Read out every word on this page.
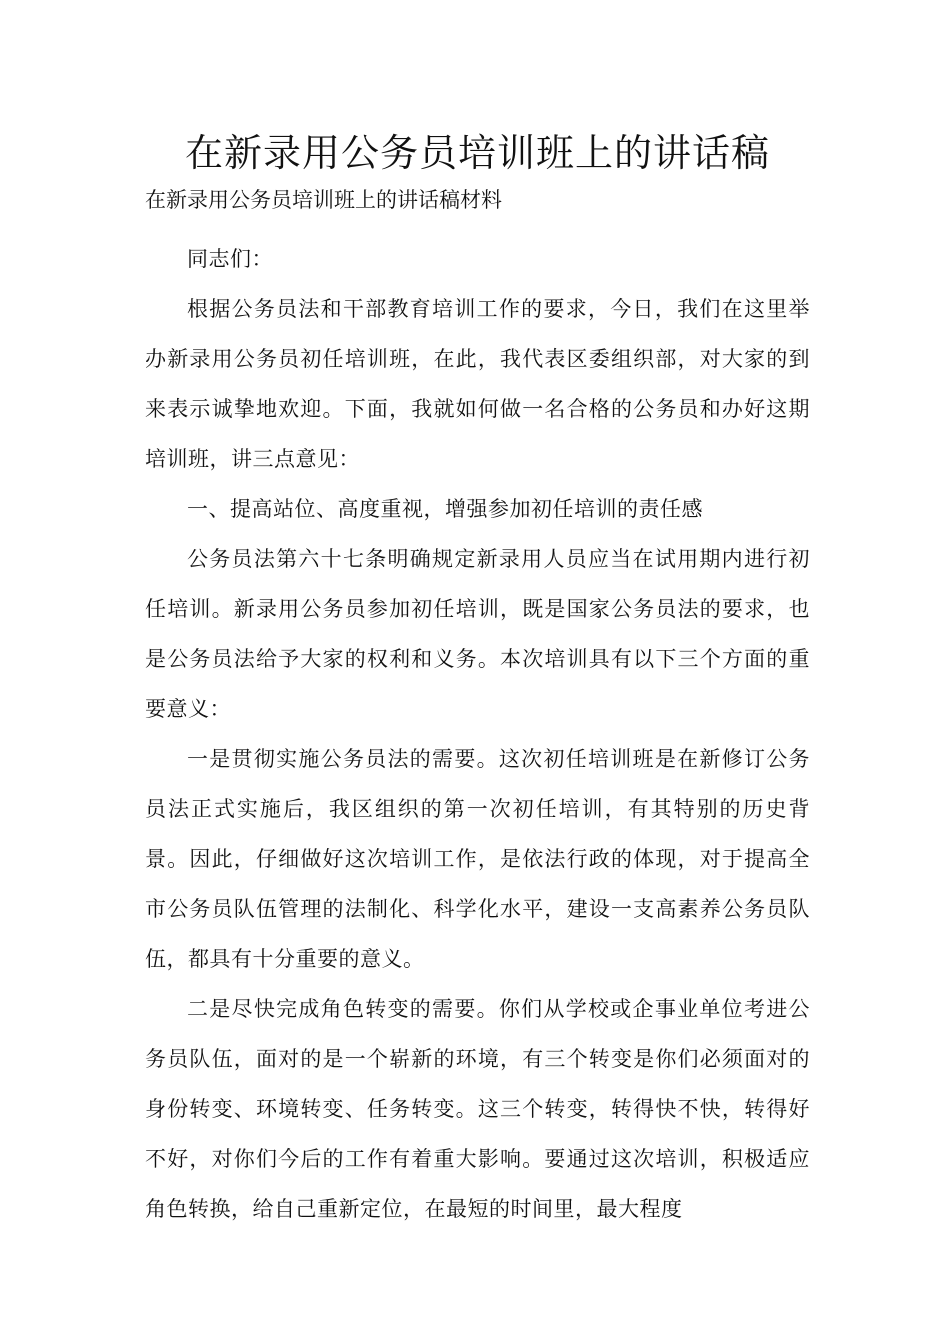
在新录用公务员培训班上的讲话稿

在新录用公务员培训班上的讲话稿材料

同志们：

根据公务员法和干部教育培训工作的要求，今日，我们在这里举办新录用公务员初任培训班，在此，我代表区委组织部，对大家的到来表示诚挚地欢迎。下面，我就如何做一名合格的公务员和办好这期培训班，讲三点意见：

一、提高站位、高度重视，增强参加初任培训的责任感

公务员法第六十七条明确规定新录用人员应当在试用期内进行初任培训。新录用公务员参加初任培训，既是国家公务员法的要求，也是公务员法给予大家的权利和义务。本次培训具有以下三个方面的重要意义：

一是贯彻实施公务员法的需要。这次初任培训班是在新修订公务员法正式实施后，我区组织的第一次初任培训，有其特别的历史背景。因此，仔细做好这次培训工作，是依法行政的体现，对于提高全市公务员队伍管理的法制化、科学化水平，建设一支高素养公务员队伍，都具有十分重要的意义。

二是尽快完成角色转变的需要。你们从学校或企事业单位考进公务员队伍，面对的是一个崭新的环境，有三个转变是你们必须面对的身份转变、环境转变、任务转变。这三个转变，转得快不快，转得好不好，对你们今后的工作有着重大影响。要通过这次培训，积极适应角色转换，给自己重新定位，在最短的时间里，最大程度
